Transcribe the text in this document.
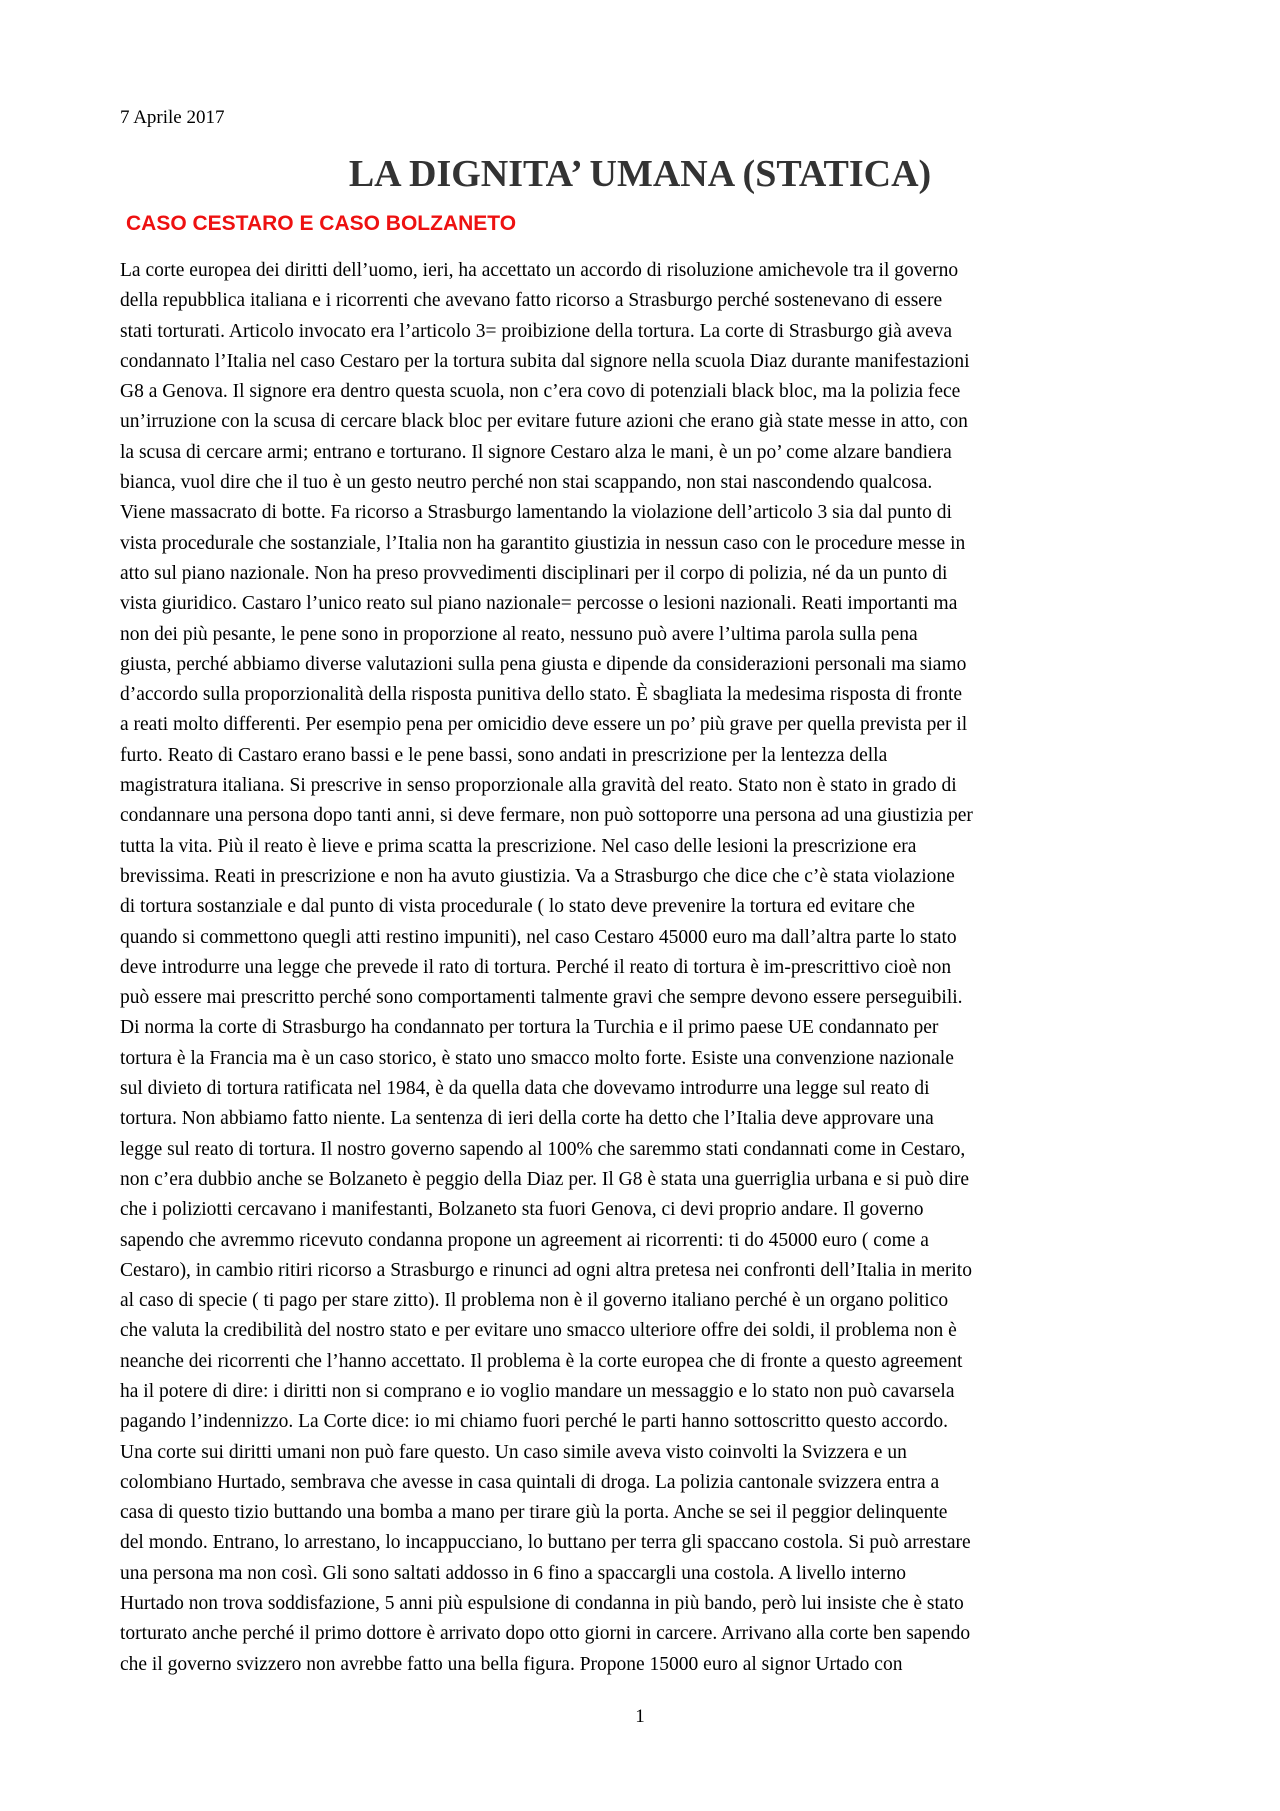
7 Aprile 2017
LA DIGNITA’ UMANA (STATICA)
CASO CESTARO E CASO BOLZANETO
La corte europea dei diritti dell’uomo, ieri, ha accettato un accordo di risoluzione amichevole tra il governo
della repubblica italiana e i ricorrenti che avevano fatto ricorso a Strasburgo perché sostenevano di essere
stati torturati. Articolo invocato era l’articolo 3= proibizione della tortura. La corte di Strasburgo già aveva
condannato l’Italia nel caso Cestaro per la tortura subita dal signore nella scuola Diaz durante manifestazioni
G8 a Genova. Il signore era dentro questa scuola, non c’era covo di potenziali black bloc, ma la polizia fece
un’irruzione con la scusa di cercare black bloc per evitare future azioni che erano già state messe in atto, con
la scusa di cercare armi; entrano e torturano. Il signore Cestaro alza le mani, è un po’ come alzare bandiera
bianca, vuol dire che il tuo è un gesto neutro perché non stai scappando, non stai nascondendo qualcosa.
Viene massacrato di botte. Fa ricorso a Strasburgo lamentando la violazione dell’articolo 3 sia dal punto di
vista procedurale che sostanziale, l’Italia non ha garantito giustizia in nessun caso con le procedure messe in
atto sul piano nazionale. Non ha preso provvedimenti disciplinari per il corpo di polizia, né da un punto di
vista giuridico. Castaro l’unico reato sul piano nazionale= percosse o lesioni nazionali. Reati importanti ma
non dei più pesante, le pene sono in proporzione al reato, nessuno può avere l’ultima parola sulla pena
giusta, perché abbiamo diverse valutazioni sulla pena giusta e dipende da considerazioni personali ma siamo
d’accordo sulla proporzionalità della risposta punitiva dello stato. È sbagliata la medesima risposta di fronte
a reati molto differenti. Per esempio pena per omicidio deve essere un po’ più grave per quella prevista per il
furto. Reato di Castaro erano bassi e le pene bassi, sono andati in prescrizione per la lentezza della
magistratura italiana. Si prescrive in senso proporzionale alla gravità del reato. Stato non è stato in grado di
condannare una persona dopo tanti anni, si deve fermare, non può sottoporre una persona ad una giustizia per
tutta la vita. Più il reato è lieve e prima scatta la prescrizione. Nel caso delle lesioni la prescrizione era
brevissima. Reati in prescrizione e non ha avuto giustizia. Va a Strasburgo che dice che c’è stata violazione
di tortura sostanziale e dal punto di vista procedurale ( lo stato deve prevenire la tortura ed evitare che
quando si commettono quegli atti restino impuniti), nel caso Cestaro 45000 euro ma dall’altra parte lo stato
deve introdurre una legge che prevede il rato di tortura. Perché il reato di tortura è im-prescrittivo cioè non
può essere mai prescritto perché sono comportamenti talmente gravi che sempre devono essere perseguibili.
Di norma la corte di Strasburgo ha condannato per tortura la Turchia e il primo paese UE condannato per
tortura è la Francia ma è un caso storico, è stato uno smacco molto forte. Esiste una convenzione nazionale
sul divieto di tortura ratificata nel 1984, è da quella data che dovevamo introdurre una legge sul reato di
tortura. Non abbiamo fatto niente. La sentenza di ieri della corte ha detto che l’Italia deve approvare una
legge sul reato di tortura. Il nostro governo sapendo al 100% che saremmo stati condannati come in Cestaro,
non c’era dubbio anche se Bolzaneto è peggio della Diaz per. Il G8 è stata una guerriglia urbana e si può dire
che i poliziotti cercavano i manifestanti, Bolzaneto sta fuori Genova, ci devi proprio andare. Il governo
sapendo che avremmo ricevuto condanna propone un agreement ai ricorrenti: ti do 45000 euro ( come a
Cestaro), in cambio ritiri ricorso a Strasburgo e rinunci ad ogni altra pretesa nei confronti dell’Italia in merito
al caso di specie ( ti pago per stare zitto). Il problema non è il governo italiano perché è un organo politico
che valuta la credibilità del nostro stato e per evitare uno smacco ulteriore offre dei soldi, il problema non è
neanche dei ricorrenti che l’hanno accettato. Il problema è la corte europea che di fronte a questo agreement
ha il potere di dire: i diritti non si comprano e io voglio mandare un messaggio e lo stato non può cavarsela
pagando l’indennizzo. La Corte dice: io mi chiamo fuori perché le parti hanno sottoscritto questo accordo.
Una corte sui diritti umani non può fare questo. Un caso simile aveva visto coinvolti la Svizzera e un
colombiano Hurtado, sembrava che avesse in casa quintali di droga. La polizia cantonale svizzera entra a
casa di questo tizio buttando una bomba a mano per tirare giù la porta. Anche se sei il peggior delinquente
del mondo. Entrano, lo arrestano, lo incappucciano, lo buttano per terra gli spaccano costola. Si può arrestare
una persona ma non così. Gli sono saltati addosso in 6 fino a spaccargli una costola. A livello interno
Hurtado non trova soddisfazione, 5 anni più espulsione di condanna in più bando, però lui insiste che è stato
torturato anche perché il primo dottore è arrivato dopo otto giorni in carcere. Arrivano alla corte ben sapendo
che il governo svizzero non avrebbe fatto una bella figura. Propone 15000 euro al signor Urtado con
1
